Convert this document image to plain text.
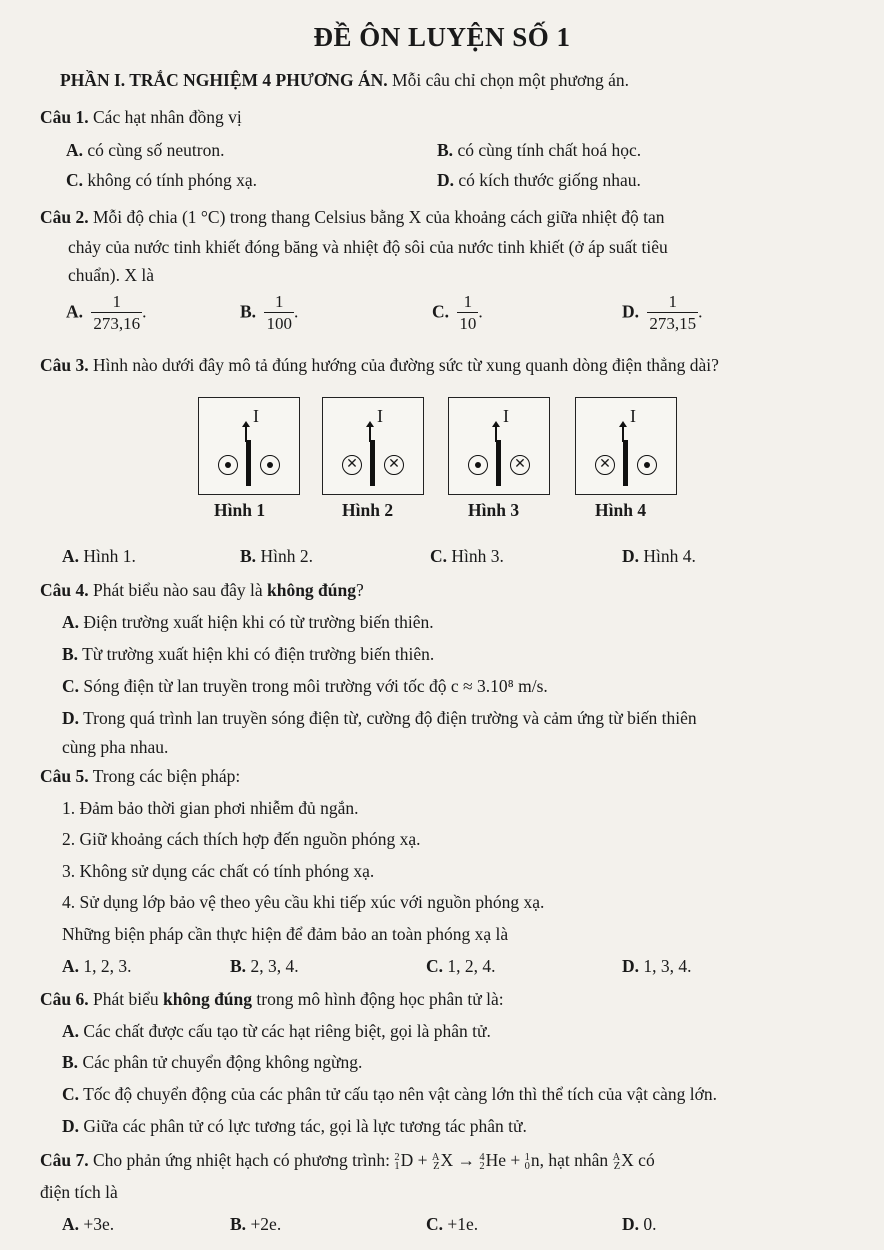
ĐỀ ÔN LUYỆN SỐ 1
PHẦN I. TRẮC NGHIỆM 4 PHƯƠNG ÁN. Mỗi câu chỉ chọn một phương án.
Câu 1. Các hạt nhân đồng vị
A. có cùng số neutron.	B. có cùng tính chất hoá học.
C. không có tính phóng xạ.	D. có kích thước giống nhau.
Câu 2. Mỗi độ chia (1 °C) trong thang Celsius bằng X của khoảng cách giữa nhiệt độ tan
chảy của nước tinh khiết đóng băng và nhiệt độ sôi của nước tinh khiết (ở áp suất tiêu
chuẩn). X là
A. $\frac{1}{273,16}$ .	B. $\frac{1}{100}$ .	C. $\frac{1}{10}$ .	D. $\frac{1}{273,15}$ .
Câu 3. Hình nào dưới đây mô tả đúng hướng của đường sức từ xung quanh dòng điện thẳng dài?
I	I
✕ ✕
I
✕
I
✕
Hình 1	Hình 2	Hình 3	Hình 4
A. Hình 1.	B. Hình 2.	C. Hình 3.	D. Hình 4.
Câu 4. Phát biểu nào sau đây là không đúng?
A. Điện trường xuất hiện khi có từ trường biến thiên.
B. Từ trường xuất hiện khi có điện trường biến thiên.
C. Sóng điện từ lan truyền trong môi trường với tốc độ c ≈ 3.10⁸ m/s.
D. Trong quá trình lan truyền sóng điện từ, cường độ điện trường và cảm ứng từ biến thiên
cùng pha nhau.
Câu 5. Trong các biện pháp:
1. Đảm bảo thời gian phơi nhiễm đủ ngắn.
2. Giữ khoảng cách thích hợp đến nguồn phóng xạ.
3. Không sử dụng các chất có tính phóng xạ.
4. Sử dụng lớp bảo vệ theo yêu cầu khi tiếp xúc với nguồn phóng xạ.
Những biện pháp cần thực hiện để đảm bảo an toàn phóng xạ là
A. 1, 2, 3.	B. 2, 3, 4.	C. 1, 2, 4.	D. 1, 3, 4.
Câu 6. Phát biểu không đúng trong mô hình động học phân tử là:
A. Các chất được cấu tạo từ các hạt riêng biệt, gọi là phân tử.
B. Các phân tử chuyển động không ngừng.
C. Tốc độ chuyển động của các phân tử cấu tạo nên vật càng lớn thì thể tích của vật càng lớn.
D. Giữa các phân tử có lực tương tác, gọi là lực tương tác phân tử.
Câu 7. Cho phản ứng nhiệt hạch có phương trình: 2
1D + A
ZX → 4
2He + 1
0n, hạt nhân A
ZX có
điện tích là
A. +3e.	B. +2e.	C. +1e.	D. 0.
